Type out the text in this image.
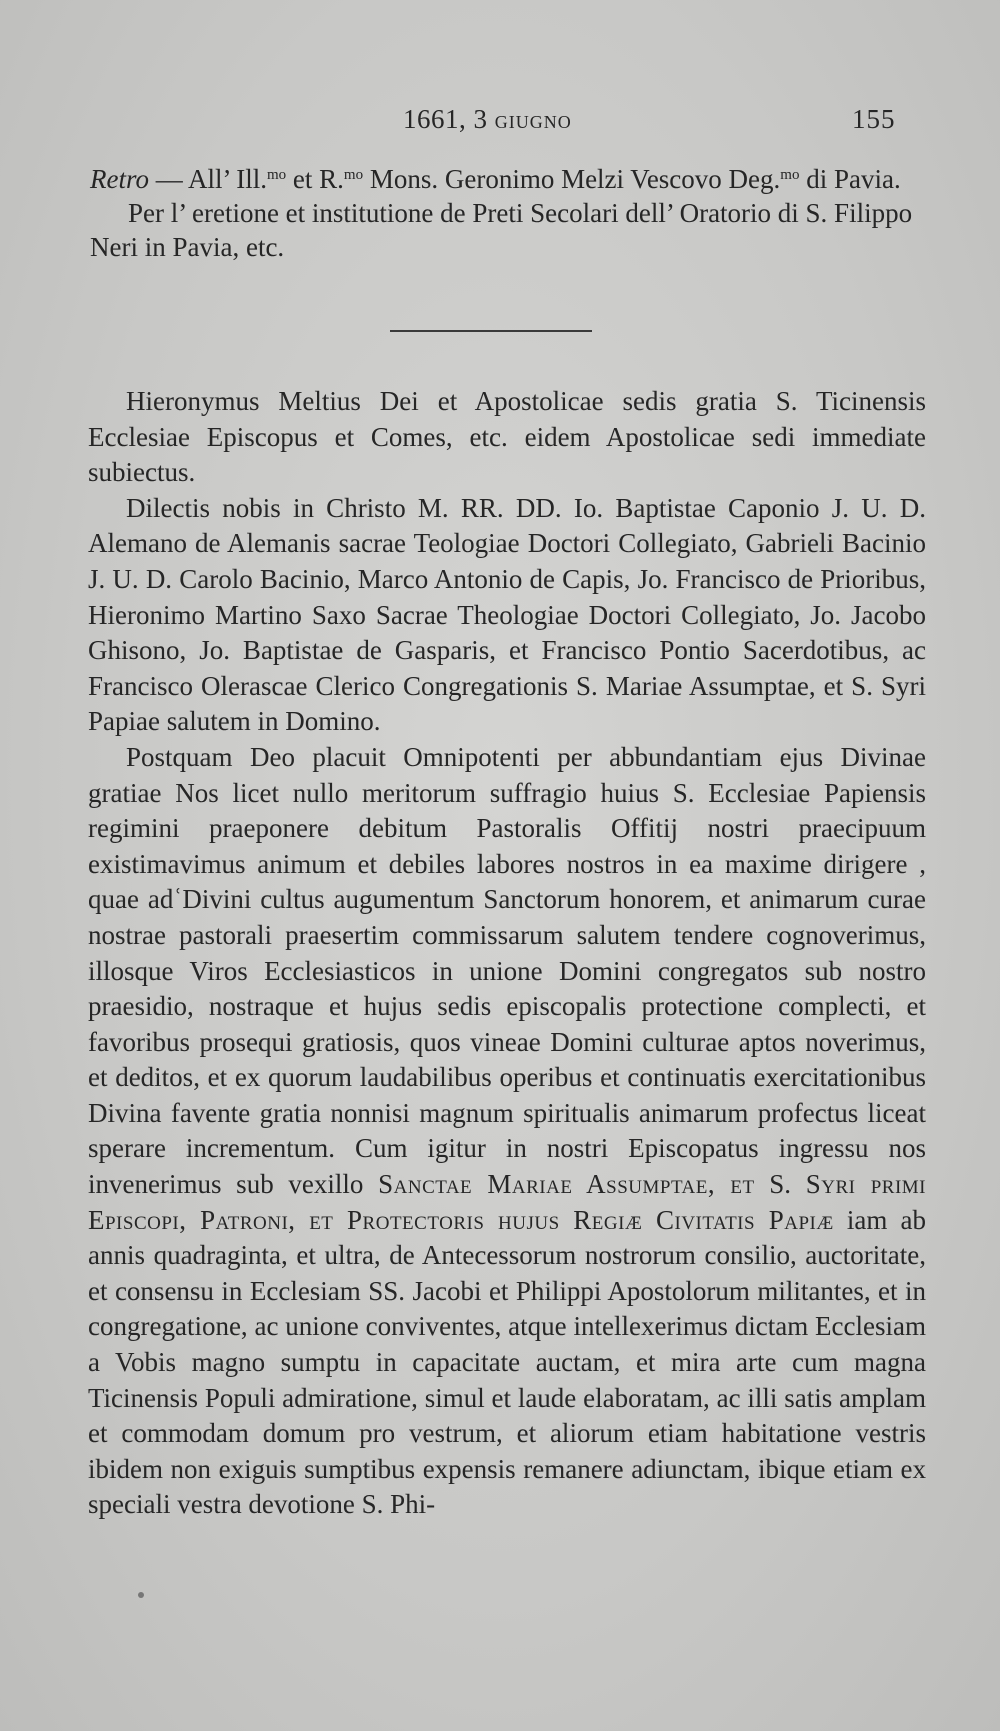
1661, 3 GIUGNO	155

Retro — All’ Ill.$^{mo}$ et R.$^{mo}$ Mons. Geronimo Melzi Vescovo Deg.$^{mo}$ di Pavia.

Per l’ eretione et institutione de Preti Secolari dell’ Oratorio di S. Filippo Neri in Pavia, etc.

Hieronymus Meltius Dei et Apostolicae sedis gratia S. Ticinensis Ecclesiae Episcopus et Comes, etc. eidem Apostolicae sedi immediate subiectus.

Dilectis nobis in Christo M. RR. DD. Io. Baptistae Caponio J. U. D. Alemano de Alemanis sacrae Teologiae Doctori Collegiato, Gabrieli Bacinio J. U. D. Carolo Bacinio, Marco Antonio de Capis, Jo. Francisco de Prioribus, Hieronimo Martino Saxo Sacrae Theologiae Doctori Collegiato, Jo. Jacobo Ghisono, Jo. Baptistae de Gasparis, et Francisco Pontio Sacerdotibus, ac Francisco Olerascae Clerico Congregationis S. Mariae Assumptae, et S. Syri Papiae salutem in Domino.

Postquam Deo placuit Omnipotenti per abbundantiam ejus Divinae gratiae Nos licet nullo meritorum suffragio huius S. Ecclesiae Papiensis regimini praeponere debitum Pastoralis Offitij nostri praecipuum existimavimus animum et debiles labores nostros in ea maxime dirigere , quae adʿDivini cultus augumentum Sanctorum honorem, et animarum curae nostrae pastorali praesertim commissarum salutem tendere cognoverimus, illosque Viros Ecclesiasticos in unione Domini congregatos sub nostro praesidio, nostraque et hujus sedis episcopalis protectione complecti, et favoribus prosequi gratiosis, quos vineae Domini culturae aptos noverimus, et deditos, et ex quorum laudabilibus operibus et continuatis exercitationibus Divina favente gratia nonnisi magnum spiritualis animarum profectus liceat sperare incrementum. Cum igitur in nostri Episcopatus ingressu nos invenerimus sub vexillo Sanctae Mariae Assumptae, et S. Syri primi Episcopi, Patroni, et Protectoris hujus Regiæ Civitatis Papiæ iam ab annis quadraginta, et ultra, de Antecessorum nostrorum consilio, auctoritate, et consensu in Ecclesiam SS. Jacobi et Philippi Apostolorum militantes, et in congregatione, ac unione conviventes, atque intellexerimus dictam Ecclesiam a Vobis magno sumptu in capacitate auctam, et mira arte cum magna Ticinensis Populi admiratione, simul et laude elaboratam, ac illi satis amplam et commodam domum pro vestrum, et aliorum etiam habitatione vestris ibidem non exiguis sumptibus expensis remanere adiunctam, ibique etiam ex speciali vestra devotione S. Phi-
